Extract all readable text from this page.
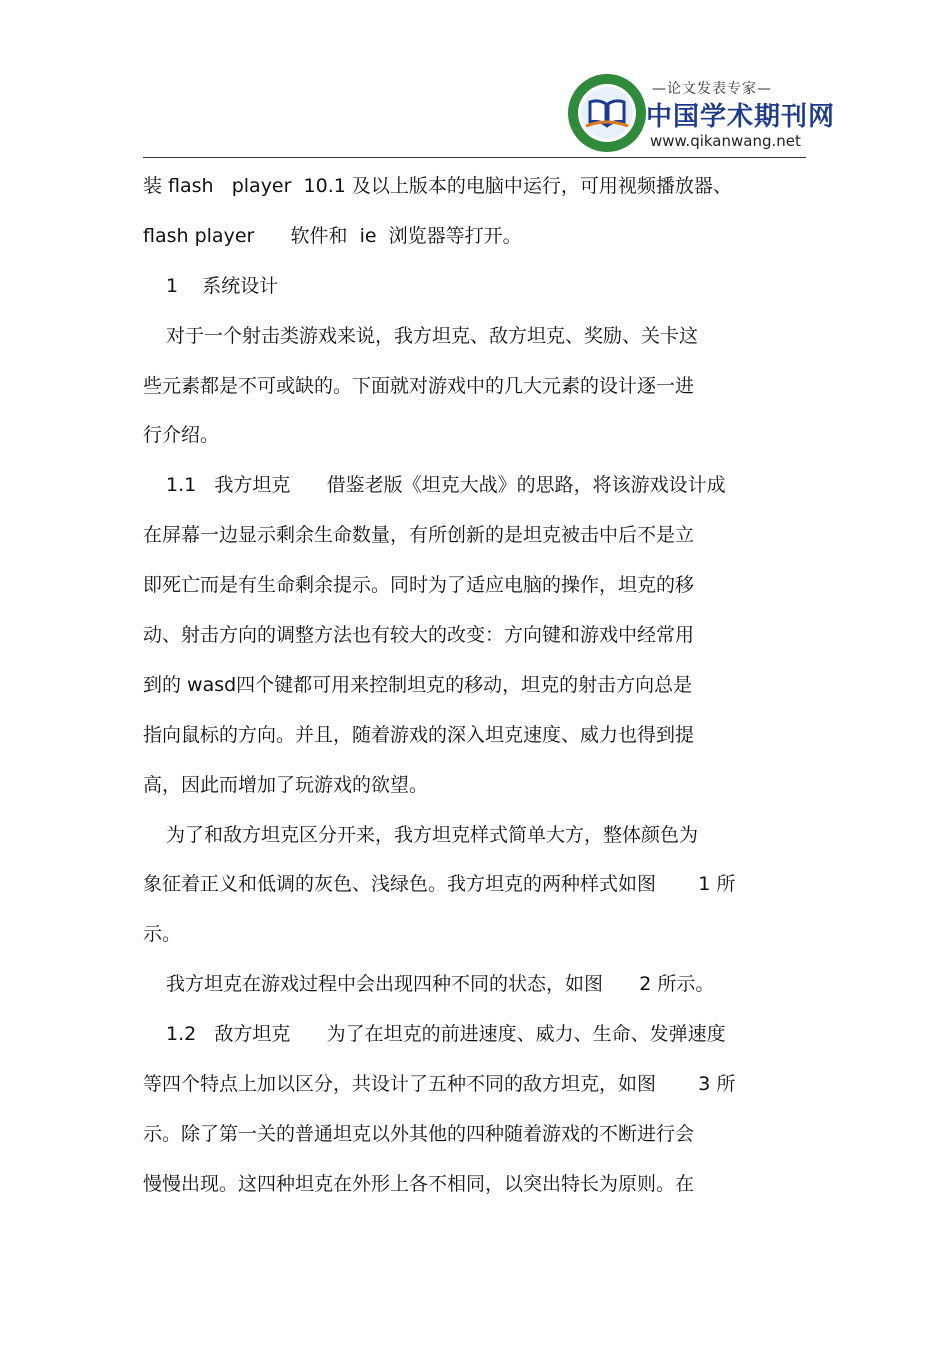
—论文发表专家—
中国学术期刊网
www.qikanwang.net
装 flash   player  10.1 及以上版本的电脑中运行，可用视频播放器、
flash player      软件和  ie  浏览器等打开。
1    系统设计
对于一个射击类游戏来说，我方坦克、敌方坦克、奖励、关卡这
些元素都是不可或缺的。下面就对游戏中的几大元素的设计逐一进
行介绍。
1.1   我方坦克      借鉴老版《坦克大战》的思路，将该游戏设计成
在屏幕一边显示剩余生命数量，有所创新的是坦克被击中后不是立
即死亡而是有生命剩余提示。同时为了适应电脑的操作，坦克的移
动、射击方向的调整方法也有较大的改变：方向键和游戏中经常用
到的 wasd四个键都可用来控制坦克的移动，坦克的射击方向总是
指向鼠标的方向。并且，随着游戏的深入坦克速度、威力也得到提
高，因此而增加了玩游戏的欲望。
为了和敌方坦克区分开来，我方坦克样式简单大方，整体颜色为
象征着正义和低调的灰色、浅绿色。我方坦克的两种样式如图       1 所
示。
我方坦克在游戏过程中会出现四种不同的状态，如图      2 所示。
1.2   敌方坦克      为了在坦克的前进速度、威力、生命、发弹速度
等四个特点上加以区分，共设计了五种不同的敌方坦克，如图       3 所
示。除了第一关的普通坦克以外其他的四种随着游戏的不断进行会
慢慢出现。这四种坦克在外形上各不相同，以突出特长为原则。在
